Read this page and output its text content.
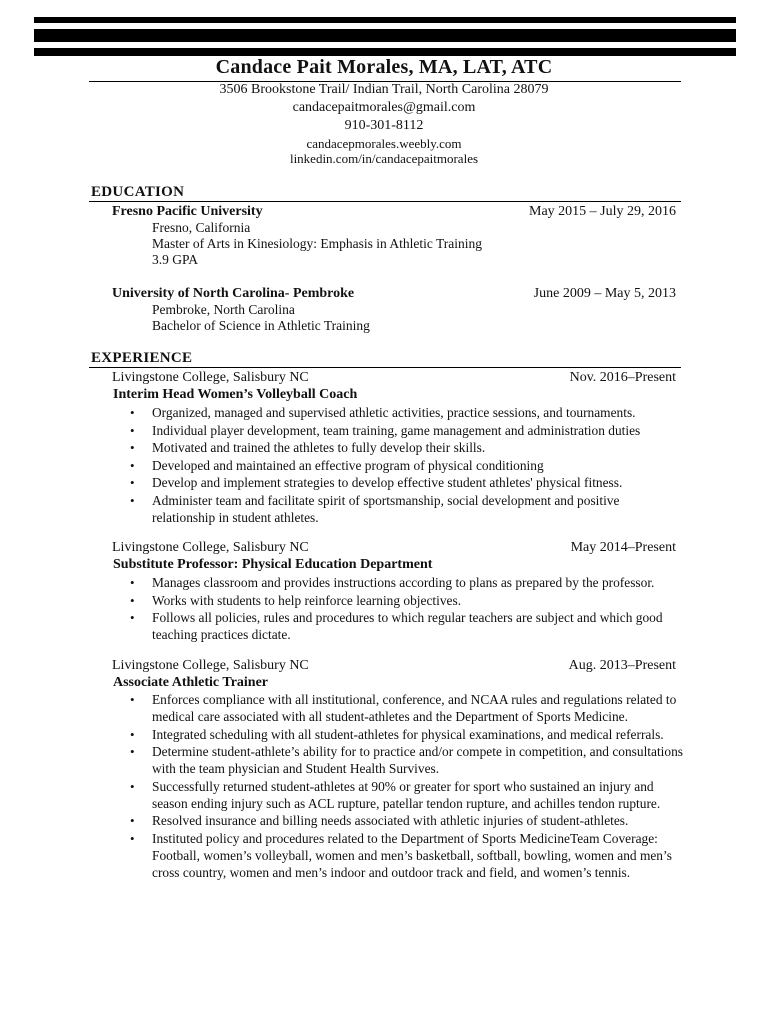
Candace Pait Morales, MA, LAT, ATC
3506 Brookstone Trail/ Indian Trail, North Carolina 28079
candacepaitmorales@gmail.com
910-301-8112
candacepmorales.weebly.com
linkedin.com/in/candacepaitmorales
EDUCATION
Fresno Pacific University	May 2015 – July 29, 2016
Fresno, California
Master of Arts in Kinesiology: Emphasis in Athletic Training
3.9 GPA
University of North Carolina- Pembroke	June 2009 – May 5, 2013
Pembroke, North Carolina
Bachelor of Science in Athletic Training
EXPERIENCE
Livingstone College, Salisbury NC	Nov. 2016–Present
Interim Head Women’s Volleyball Coach
• Organized, managed and supervised athletic activities, practice sessions, and tournaments.
• Individual player development, team training, game management and administration duties
• Motivated and trained the athletes to fully develop their skills.
• Developed and maintained an effective program of physical conditioning
• Develop and implement strategies to develop effective student athletes' physical fitness.
• Administer team and facilitate spirit of sportsmanship, social development and positive relationship in student athletes.
Livingstone College, Salisbury NC	May 2014–Present
Substitute Professor: Physical Education Department
• Manages classroom and provides instructions according to plans as prepared by the professor.
• Works with students to help reinforce learning objectives.
• Follows all policies, rules and procedures to which regular teachers are subject and which good teaching practices dictate.
Livingstone College, Salisbury NC	Aug. 2013–Present
Associate Athletic Trainer
• Enforces compliance with all institutional, conference, and NCAA rules and regulations related to medical care associated with all student-athletes and the Department of Sports Medicine.
• Integrated scheduling with all student-athletes for physical examinations, and medical referrals.
• Determine student-athlete’s ability for to practice and/or compete in competition, and consultations with the team physician and Student Health Survives.
• Successfully returned student-athletes at 90% or greater for sport who sustained an injury and season ending injury such as ACL rupture, patellar tendon rupture, and achilles tendon rupture.
• Resolved insurance and billing needs associated with athletic injuries of student-athletes.
• Instituted policy and procedures related to the Department of Sports MedicineTeam Coverage: Football, women’s volleyball, women and men’s basketball, softball, bowling, women and men’s cross country, women and men’s indoor and outdoor track and field, and women’s tennis.
